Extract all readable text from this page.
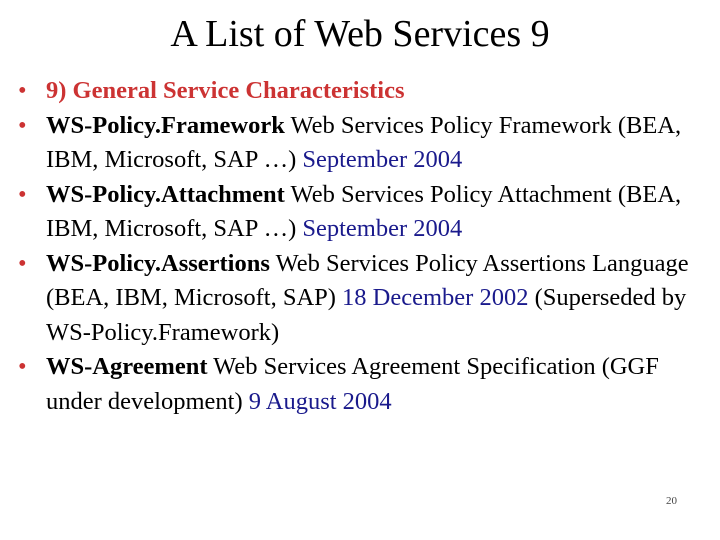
A List of Web Services 9
• 9) General Service Characteristics
• WS-Policy.Framework Web Services Policy Framework (BEA, IBM, Microsoft, SAP …) September 2004
• WS-Policy.Attachment Web Services Policy Attachment (BEA, IBM, Microsoft, SAP …) September 2004
• WS-Policy.Assertions Web Services Policy Assertions Language (BEA, IBM, Microsoft, SAP) 18 December 2002 (Superseded by WS-Policy.Framework)
• WS-Agreement Web Services Agreement Specification (GGF under development) 9 August 2004
20
